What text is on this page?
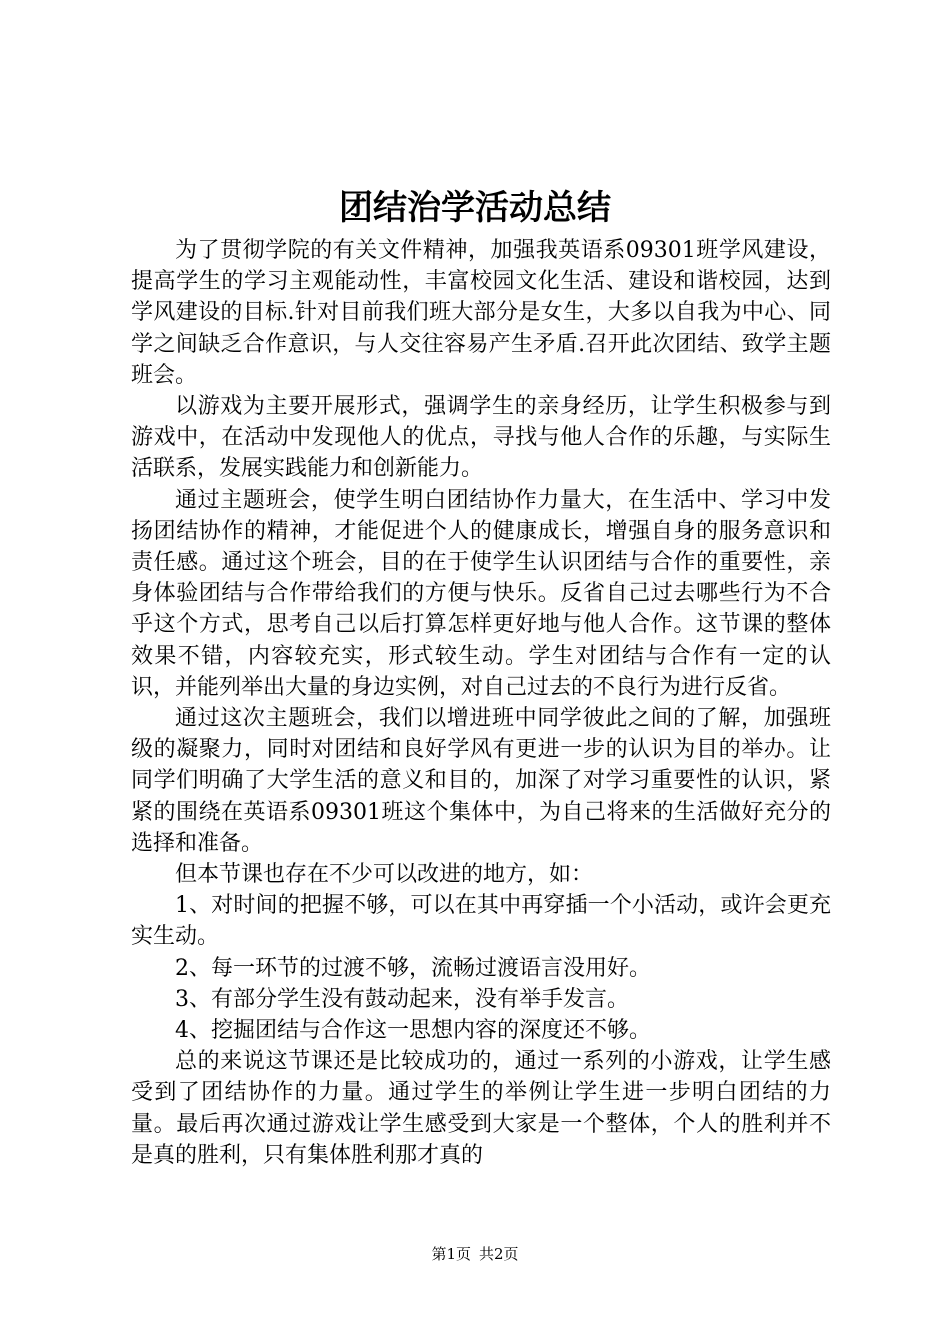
团结治学活动总结

为了贯彻学院的有关文件精神，加强我英语系09301班学风建设，提高学生的学习主观能动性，丰富校园文化生活、建设和谐校园，达到学风建设的目标.针对目前我们班大部分是女生，大多以自我为中心、同学之间缺乏合作意识，与人交往容易产生矛盾.召开此次团结、致学主题班会。

以游戏为主要开展形式，强调学生的亲身经历，让学生积极参与到游戏中，在活动中发现他人的优点，寻找与他人合作的乐趣，与实际生活联系，发展实践能力和创新能力。

通过主题班会，使学生明白团结协作力量大，在生活中、学习中发扬团结协作的精神，才能促进个人的健康成长，增强自身的服务意识和责任感。通过这个班会，目的在于使学生认识团结与合作的重要性，亲身体验团结与合作带给我们的方便与快乐。反省自己过去哪些行为不合乎这个方式，思考自己以后打算怎样更好地与他人合作。这节课的整体效果不错，内容较充实，形式较生动。学生对团结与合作有一定的认识，并能列举出大量的身边实例，对自己过去的不良行为进行反省。

通过这次主题班会，我们以增进班中同学彼此之间的了解，加强班级的凝聚力，同时对团结和良好学风有更进一步的认识为目的举办。让同学们明确了大学生活的意义和目的，加深了对学习重要性的认识，紧紧的围绕在英语系09301班这个集体中，为自己将来的生活做好充分的选择和准备。

但本节课也存在不少可以改进的地方，如：

1、对时间的把握不够，可以在其中再穿插一个小活动，或许会更充实生动。

2、每一环节的过渡不够，流畅过渡语言没用好。

3、有部分学生没有鼓动起来，没有举手发言。

4、挖掘团结与合作这一思想内容的深度还不够。

总的来说这节课还是比较成功的，通过一系列的小游戏，让学生感受到了团结协作的力量。通过学生的举例让学生进一步明白团结的力量。最后再次通过游戏让学生感受到大家是一个整体，个人的胜利并不是真的胜利，只有集体胜利那才真的

第1页 共2页
